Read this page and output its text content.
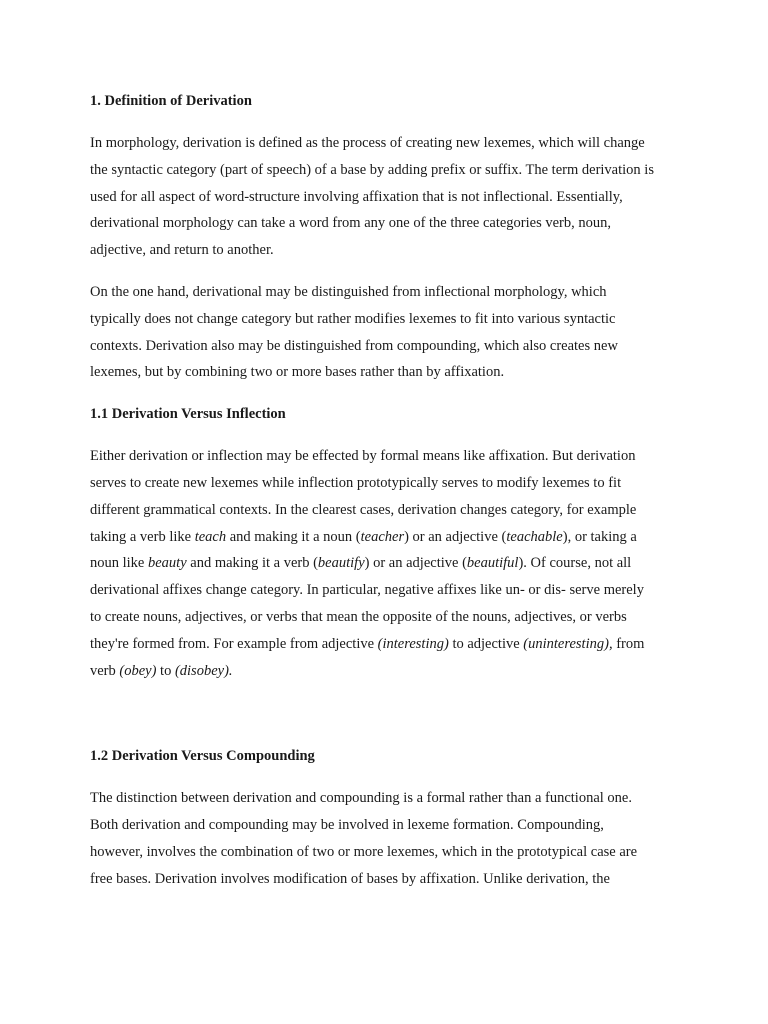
1. Definition of Derivation

In morphology, derivation is defined as the process of creating new lexemes, which will change
the syntactic category (part of speech) of a base by adding prefix or suffix. The term derivation is
used for all aspect of word-structure involving affixation that is not inflectional. Essentially,
derivational morphology can take a word from any one of the three categories verb, noun,
adjective, and return to another.

On the one hand, derivational may be distinguished from inflectional morphology, which
typically does not change category but rather modifies lexemes to fit into various syntactic
contexts. Derivation also may be distinguished from compounding, which also creates new
lexemes, but by combining two or more bases rather than by affixation.

1.1 Derivation Versus Inflection

Either derivation or inflection may be effected by formal means like affixation. But derivation
serves to create new lexemes while inflection prototypically serves to modify lexemes to fit
different grammatical contexts. In the clearest cases, derivation changes category, for example
taking a verb like teach and making it a noun (teacher) or an adjective (teachable), or taking a
noun like beauty and making it a verb (beautify) or an adjective (beautiful). Of course, not all
derivational affixes change category. In particular, negative affixes like un- or dis- serve merely
to create nouns, adjectives, or verbs that mean the opposite of the nouns, adjectives, or verbs
they're formed from. For example from adjective (interesting) to adjective (uninteresting), from
verb (obey) to (disobey).

1.2 Derivation Versus Compounding

The distinction between derivation and compounding is a formal rather than a functional one.
Both derivation and compounding may be involved in lexeme formation. Compounding,
however, involves the combination of two or more lexemes, which in the prototypical case are
free bases. Derivation involves modification of bases by affixation. Unlike derivation, the
